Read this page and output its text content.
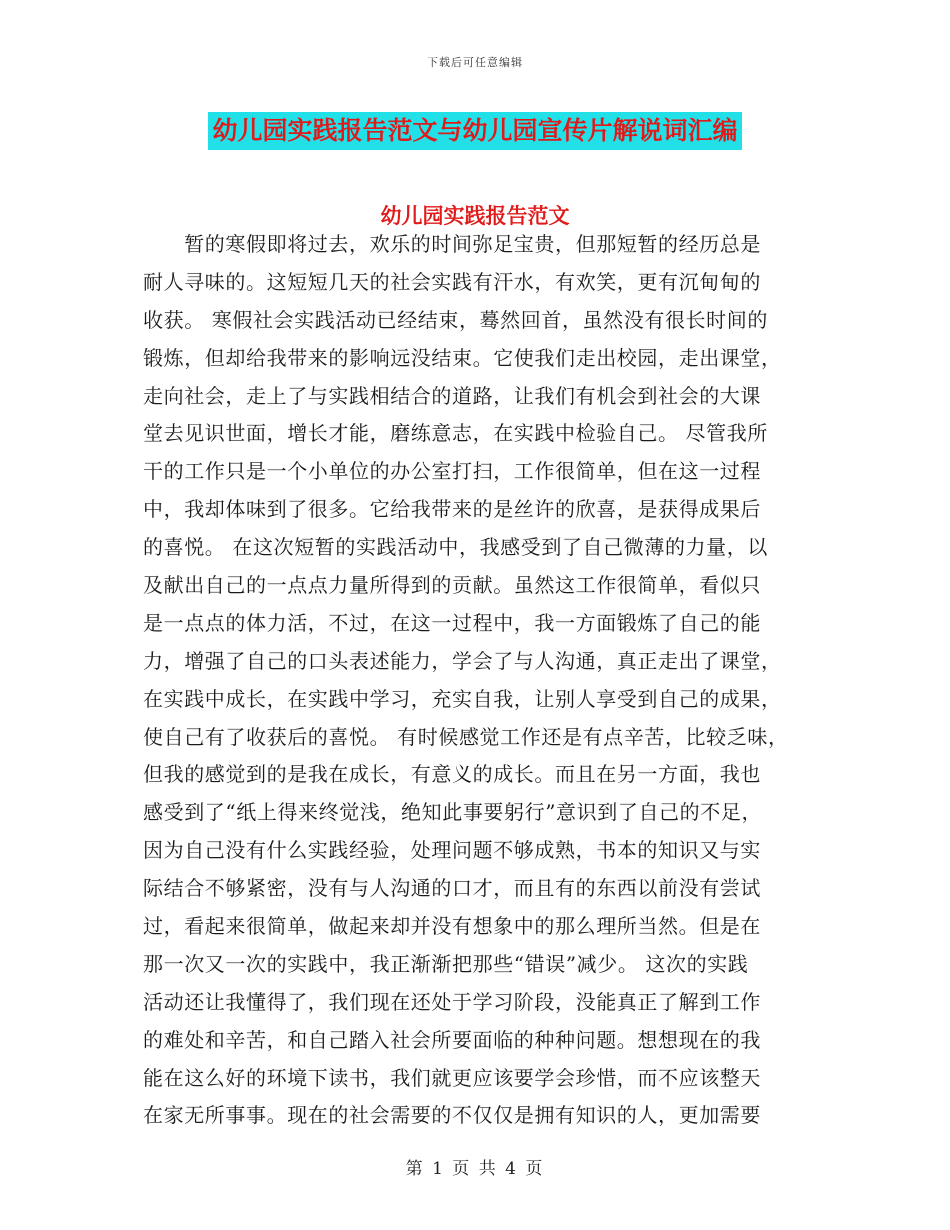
下载后可任意编辑
幼儿园实践报告范文与幼儿园宣传片解说词汇编
幼儿园实践报告范文
　　暂的寒假即将过去，欢乐的时间弥足宝贵，但那短暂的经历总是
耐人寻味的。这短短几天的社会实践有汗水，有欢笑，更有沉甸甸的
收获。 寒假社会实践活动已经结束，蓦然回首，虽然没有很长时间的
锻炼，但却给我带来的影响远没结束。它使我们走出校园，走出课堂，
走向社会，走上了与实践相结合的道路，让我们有机会到社会的大课
堂去见识世面，增长才能，磨练意志，在实践中检验自己。 尽管我所
干的工作只是一个小单位的办公室打扫，工作很简单，但在这一过程
中，我却体味到了很多。它给我带来的是丝许的欣喜，是获得成果后
的喜悦。 在这次短暂的实践活动中，我感受到了自己微薄的力量，以
及献出自己的一点点力量所得到的贡献。虽然这工作很简单，看似只
是一点点的体力活，不过，在这一过程中，我一方面锻炼了自己的能
力，增强了自己的口头表述能力，学会了与人沟通，真正走出了课堂，
在实践中成长，在实践中学习，充实自我，让别人享受到自己的成果，
使自己有了收获后的喜悦。 有时候感觉工作还是有点辛苦，比较乏味，
但我的感觉到的是我在成长，有意义的成长。而且在另一方面，我也
感受到了“纸上得来终觉浅，绝知此事要躬行”意识到了自己的不足，
因为自己没有什么实践经验，处理问题不够成熟，书本的知识又与实
际结合不够紧密，没有与人沟通的口才，而且有的东西以前没有尝试
过，看起来很简单，做起来却并没有想象中的那么理所当然。但是在
那一次又一次的实践中，我正渐渐把那些“错误”减少。 这次的实践
活动还让我懂得了，我们现在还处于学习阶段，没能真正了解到工作
的难处和辛苦，和自己踏入社会所要面临的种种问题。想想现在的我
能在这么好的环境下读书，我们就更应该要学会珍惜，而不应该整天
在家无所事事。现在的社会需要的不仅仅是拥有知识的人，更加需要
第 1 页 共 4 页
